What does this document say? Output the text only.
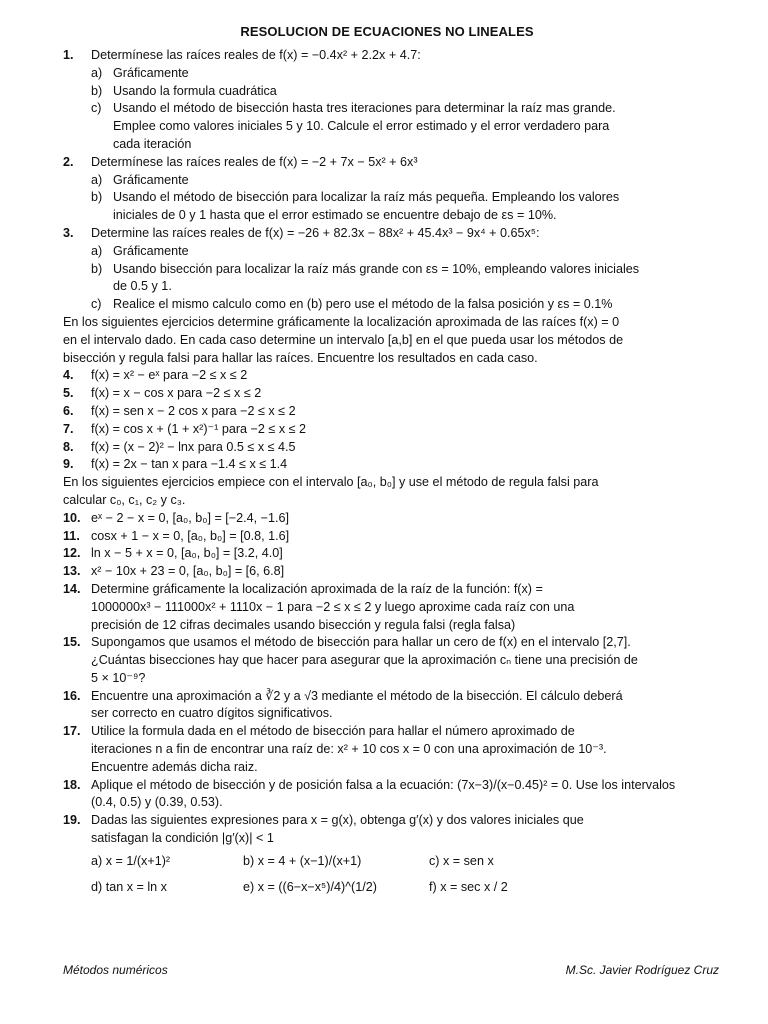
RESOLUCION DE ECUACIONES NO LINEALES
1. Determínese las raíces reales de f(x) = −0.4x² + 2.2x + 4.7:
a) Gráficamente
b) Usando la formula cuadrática
c) Usando el método de bisección hasta tres iteraciones para determinar la raíz mas grande.
Emplee como valores iniciales 5 y 10. Calcule el error estimado y el error verdadero para
cada iteración
2. Determínese las raíces reales de f(x) = −2 + 7x − 5x² + 6x³
a) Gráficamente
b) Usando el método de bisección para localizar la raíz más pequeña. Empleando los valores
iniciales de 0 y 1 hasta que el error estimado se encuentre debajo de εs = 10%.
3. Determine las raíces reales de f(x) = −26 + 82.3x − 88x² + 45.4x³ − 9x⁴ + 0.65x⁵:
a) Gráficamente
b) Usando bisección para localizar la raíz más grande con εs = 10%, empleando valores iniciales
de 0.5 y 1.
c) Realice el mismo calculo como en (b) pero use el método de la falsa posición y εs = 0.1%
En los siguientes ejercicios determine gráficamente la localización aproximada de las raíces f(x) = 0
en el intervalo dado. En cada caso determine un intervalo [a,b] en el que pueda usar los métodos de
bisección y regula falsi para hallar las raíces. Encuentre los resultados en cada caso.
4. f(x) = x² − eˣ para −2 ≤ x ≤ 2
5. f(x) = x − cos x para −2 ≤ x ≤ 2
6. f(x) = sen x − 2 cos x para −2 ≤ x ≤ 2
7. f(x) = cos x + (1 + x²)⁻¹ para −2 ≤ x ≤ 2
8. f(x) = (x − 2)² − lnx para 0.5 ≤ x ≤ 4.5
9. f(x) = 2x − tan x para −1.4 ≤ x ≤ 1.4
En los siguientes ejercicios empiece con el intervalo [a₀, b₀] y use el método de regula falsi para
calcular c₀, c₁, c₂ y c₃.
10. eˣ − 2 − x = 0, [a₀, b₀] = [−2.4, −1.6]
11. cosx + 1 − x = 0, [a₀, b₀] = [0.8, 1.6]
12. ln x − 5 + x = 0, [a₀, b₀] = [3.2, 4.0]
13. x² − 10x + 23 = 0, [a₀, b₀] = [6, 6.8]
14. Determine gráficamente la localización aproximada de la raíz de la función: f(x) =
1000000x³ − 111000x² + 1110x − 1 para −2 ≤ x ≤ 2 y luego aproxime cada raíz con una
precisión de 12 cifras decimales usando bisección y regula falsi (regla falsa)
15. Supongamos que usamos el método de bisección para hallar un cero de f(x) en el intervalo [2,7].
¿Cuántas bisecciones hay que hacer para asegurar que la aproximación cₙ tiene una precisión de
5 × 10⁻⁹?
16. Encuentre una aproximación a ∛2 y a √3 mediante el método de la bisección. El cálculo deberá
ser correcto en cuatro dígitos significativos.
17. Utilice la formula dada en el método de bisección para hallar el número aproximado de
iteraciones n a fin de encontrar una raíz de: x² + 10 cos x = 0 con una aproximación de 10⁻³.
Encuentre además dicha raiz.
18. Aplique el método de bisección y de posición falsa a la ecuación: (7x−3)/(x−0.45)² = 0. Use los intervalos
(0.4, 0.5) y (0.39, 0.53).
19. Dadas las siguientes expresiones para x = g(x), obtenga g′(x) y dos valores iniciales que
satisfagan la condición |g′(x)| < 1
a) x = 1/(x+1)²	b) x = 4 + (x−1)/(x+1)	c) x = sen x
d) tan x = ln x	e) x = ((6−x−x⁵)/4)^(1/2)	f) x = sec x / 2
Métodos numéricos	M.Sc. Javier Rodríguez Cruz
